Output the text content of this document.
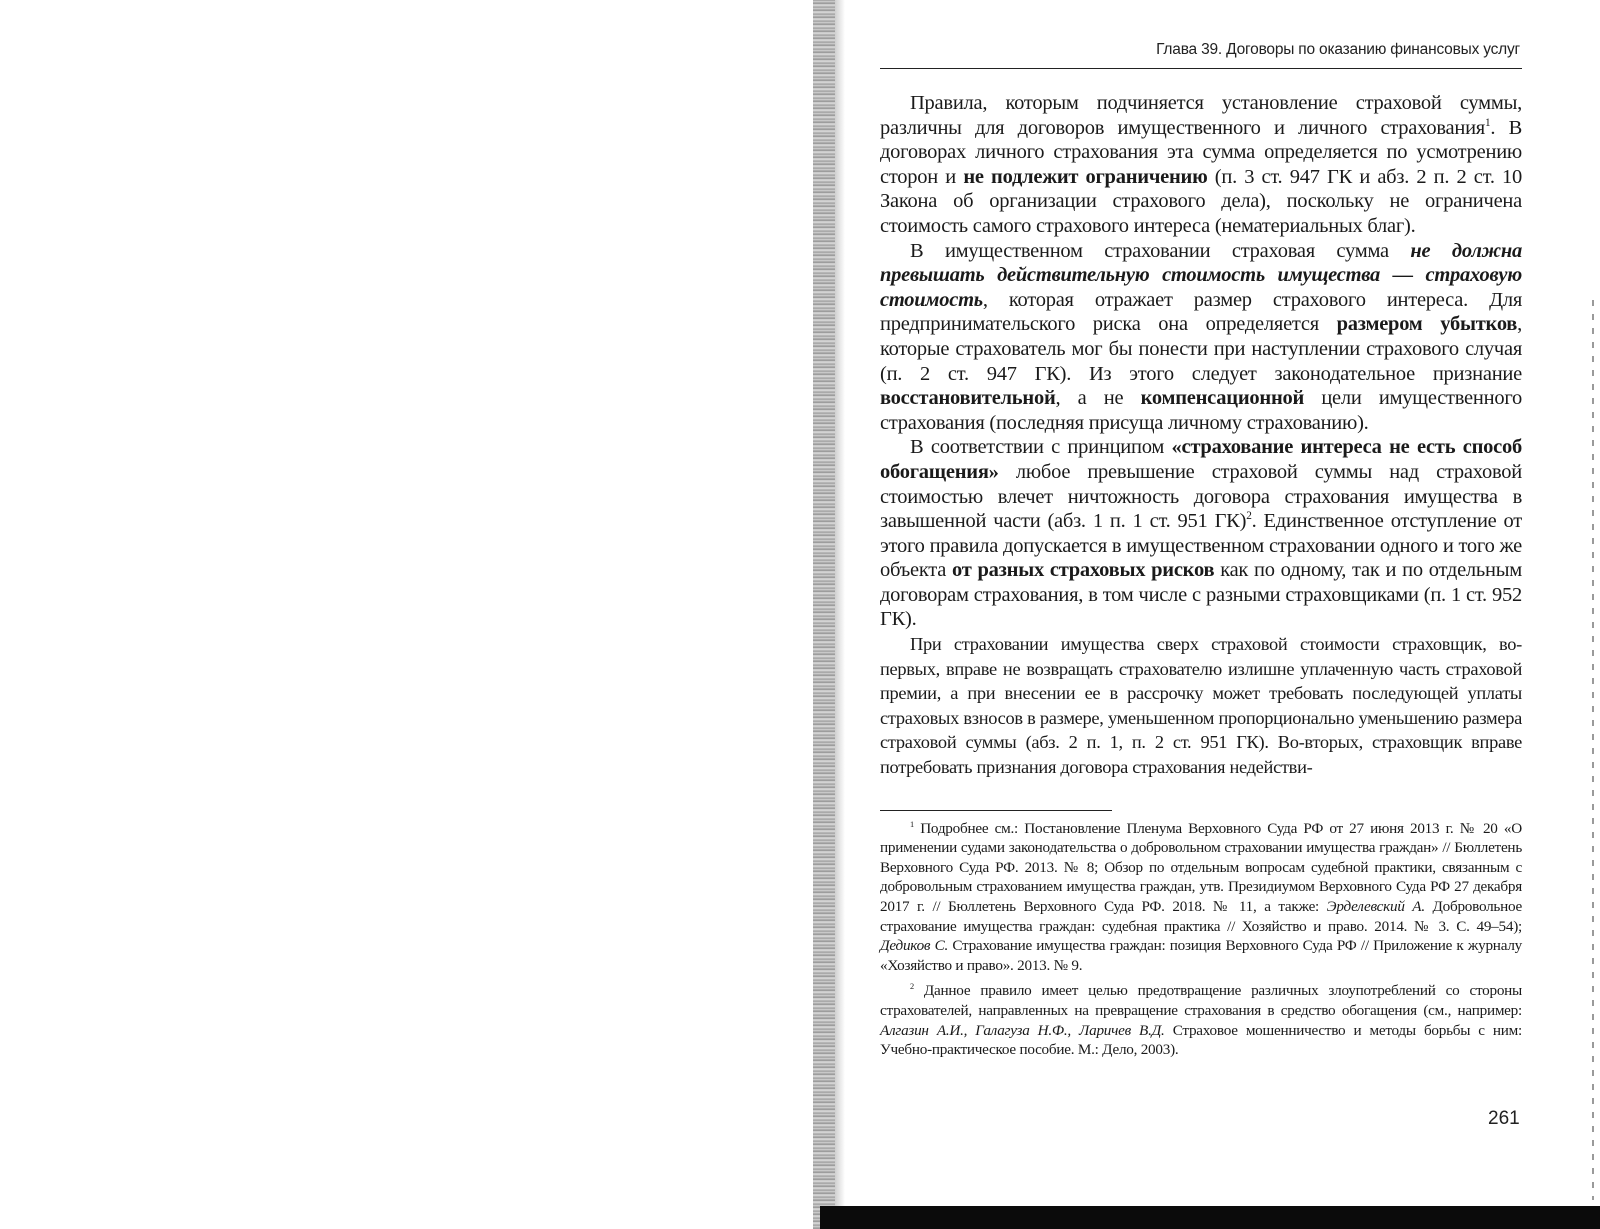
Глава 39. Договоры по оказанию финансовых услуг

Правила, которым подчиняется установление страховой суммы, различны для договоров имущественного и личного страхования$^1$. В договорах личного страхования эта сумма определяется по усмотрению сторон и не подлежит ограничению (п. 3 ст. 947 ГК и абз. 2 п. 2 ст. 10 Закона об организации страхового дела), поскольку не ограничена стоимость самого страхового интереса (нематериальных благ).

В имущественном страховании страховая сумма не должна превышать действительную стоимость имущества — страховую стоимость, которая отражает размер страхового интереса. Для предпринимательского риска она определяется размером убытков, которые страхователь мог бы понести при наступлении страхового случая (п. 2 ст. 947 ГК). Из этого следует законодательное признание восстановительной, а не компенсационной цели имущественного страхования (последняя присуща личному страхованию).

В соответствии с принципом «страхование интереса не есть способ обогащения» любое превышение страховой суммы над страховой стоимостью влечет ничтожность договора страхования имущества в завышенной части (абз. 1 п. 1 ст. 951 ГК)$^2$. Единственное отступление от этого правила допускается в имущественном страховании одного и того же объекта от разных страховых рисков как по одному, так и по отдельным договорам страхования, в том числе с разными страховщиками (п. 1 ст. 952 ГК).

При страховании имущества сверх страховой стоимости страховщик, во-первых, вправе не возвращать страхователю излишне уплаченную часть страховой премии, а при внесении ее в рассрочку может требовать последующей уплаты страховых взносов в размере, уменьшенном пропорционально уменьшению размера страховой суммы (абз. 2 п. 1, п. 2 ст. 951 ГК). Во-вторых, страховщик вправе потребовать признания договора страхования недействи-

$^1$ Подробнее см.: Постановление Пленума Верховного Суда РФ от 27 июня 2013 г. № 20 «О применении судами законодательства о добровольном страховании имущества граждан» // Бюллетень Верховного Суда РФ. 2013. № 8; Обзор по отдельным вопросам судебной практики, связанным с добровольным страхованием имущества граждан, утв. Президиумом Верховного Суда РФ 27 декабря 2017 г. // Бюллетень Верховного Суда РФ. 2018. № 11, а также: Эрделевский А. Добровольное страхование имущества граждан: судебная практика // Хозяйство и право. 2014. № 3. С. 49–54); Дедиков С. Страхование имущества граждан: позиция Верховного Суда РФ // Приложение к журналу «Хозяйство и право». 2013. № 9.

$^2$ Данное правило имеет целью предотвращение различных злоупотреблений со стороны страхователей, направленных на превращение страхования в средство обогащения (см., например: Алгазин А.И., Галагуза Н.Ф., Ларичев В.Д. Страховое мошенничество и методы борьбы с ним: Учебно-практическое пособие. М.: Дело, 2003).

261
